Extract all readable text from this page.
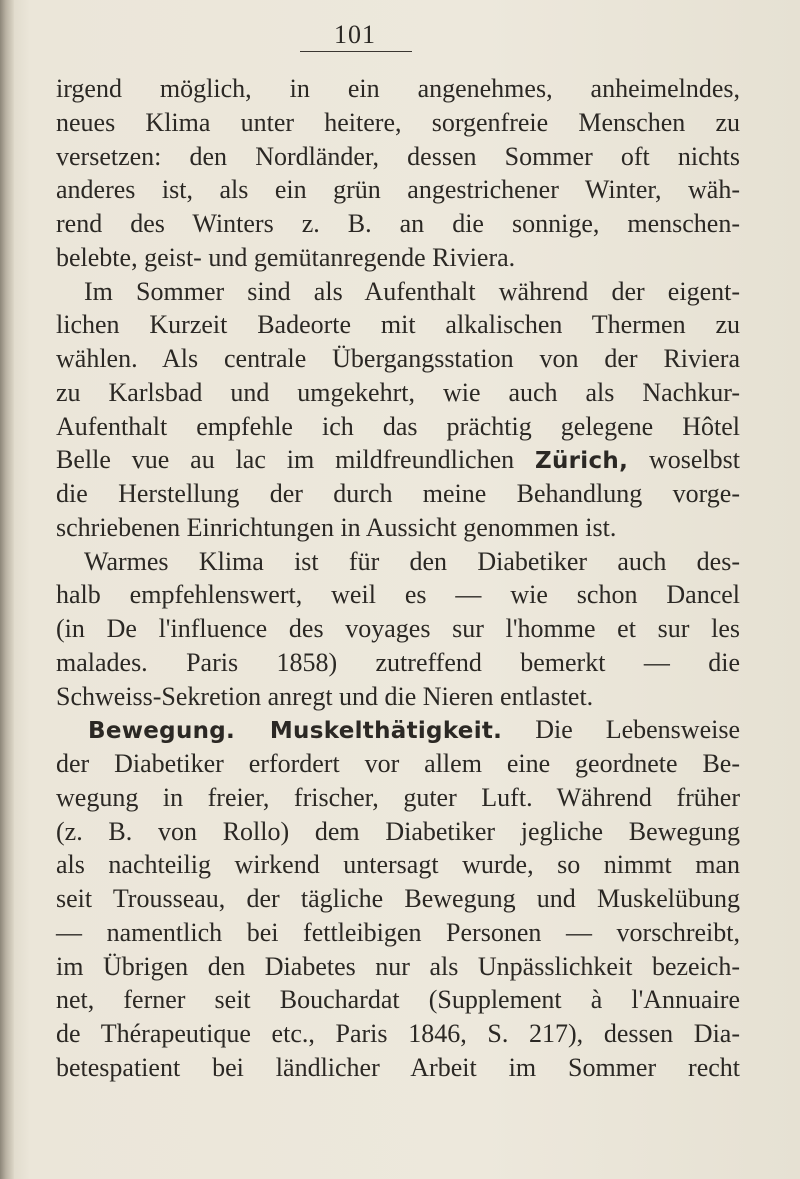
101
irgend möglich, in ein angenehmes, anheimelndes,
neues Klima unter heitere, sorgenfreie Menschen zu
versetzen: den Nordländer, dessen Sommer oft nichts
anderes ist, als ein grün angestrichener Winter, wäh-
rend des Winters z. B. an die sonnige, menschen-
belebte, geist- und gemütanregende Riviera.
Im Sommer sind als Aufenthalt während der eigent-
lichen Kurzeit Badeorte mit alkalischen Thermen zu
wählen. Als centrale Übergangsstation von der Riviera
zu Karlsbad und umgekehrt, wie auch als Nachkur-
Aufenthalt empfehle ich das prächtig gelegene Hôtel
Belle vue au lac im mildfreundlichen Zürich, woselbst
die Herstellung der durch meine Behandlung vorge-
schriebenen Einrichtungen in Aussicht genommen ist.
Warmes Klima ist für den Diabetiker auch des-
halb empfehlenswert, weil es — wie schon Dancel
(in De l'influence des voyages sur l'homme et sur les
malades. Paris 1858) zutreffend bemerkt — die
Schweiss-Sekretion anregt und die Nieren entlastet.
Bewegung. Muskelthätigkeit. Die Lebensweise
der Diabetiker erfordert vor allem eine geordnete Be-
wegung in freier, frischer, guter Luft. Während früher
(z. B. von Rollo) dem Diabetiker jegliche Bewegung
als nachteilig wirkend untersagt wurde, so nimmt man
seit Trousseau, der tägliche Bewegung und Muskelübung
— namentlich bei fettleibigen Personen — vorschreibt,
im Übrigen den Diabetes nur als Unpässlichkeit bezeich-
net, ferner seit Bouchardat (Supplement à l'Annuaire
de Thérapeutique etc., Paris 1846, S. 217), dessen Dia-
betespatient bei ländlicher Arbeit im Sommer recht
